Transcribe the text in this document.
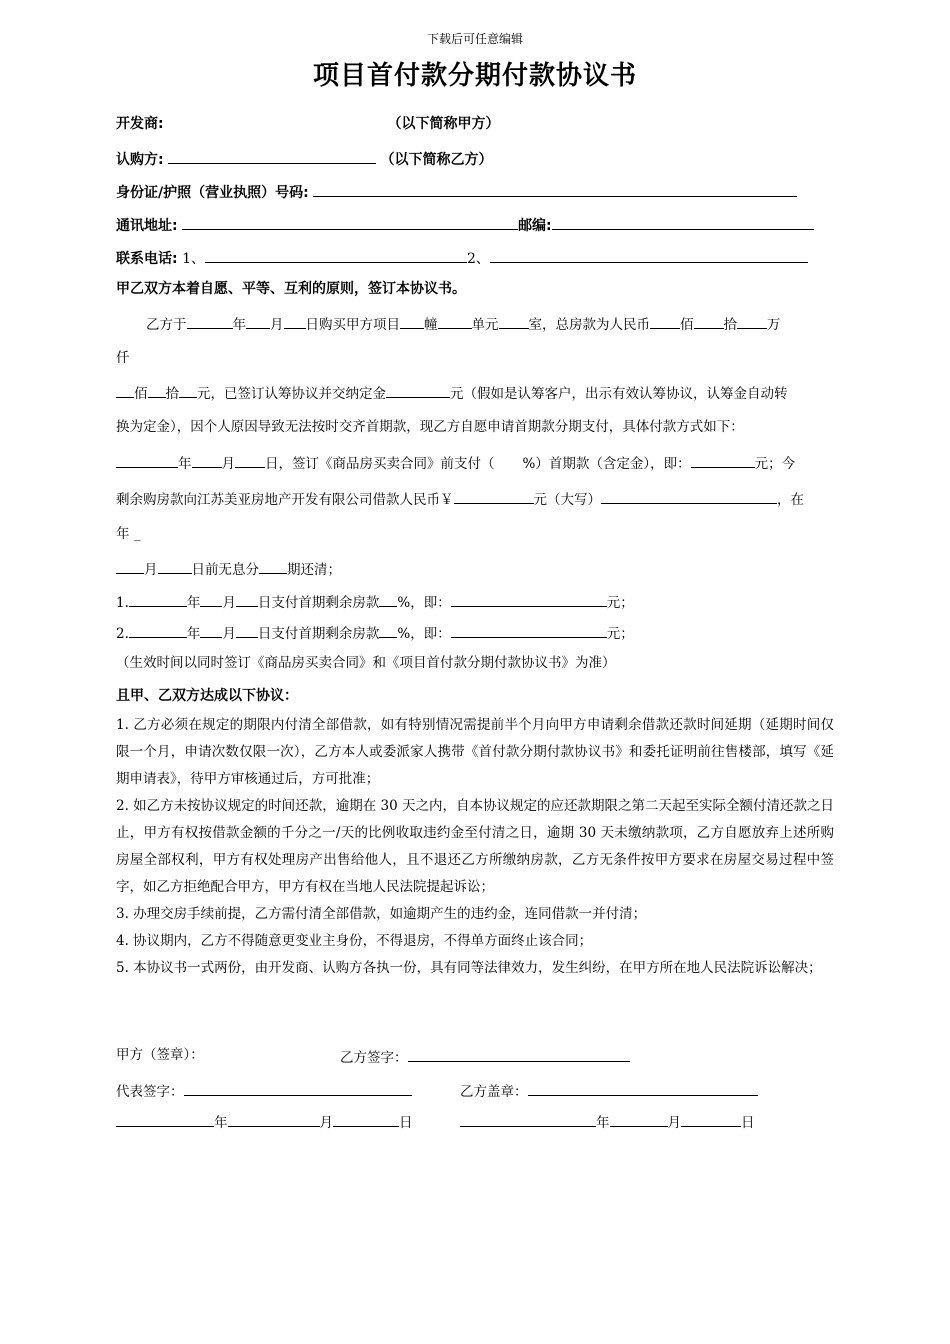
下载后可任意编辑
项目首付款分期付款协议书
开发商:	（以下简称甲方）
认购方:	（以下简称乙方）
身份证/护照（营业执照）号码:
通讯地址:	邮编:
联系电话: 1、	2、
甲乙双方本着自愿、平等、互利的原则，签订本协议书。
乙方于	年 月 日购买甲方项目 幢	单元 室，总房款为人民币 佰 拾 万
仟
佰 拾 元，已签订认筹协议并交纳定金	元（假如是认筹客户，出示有效认筹协议，认筹金自动转
换为定金），因个人原因导致无法按时交齐首期款，现乙方自愿申请首期款分期支付，具体付款方式如下：
年 月 日，签订《商品房买卖合同》前支付（ %）首期款（含定金），即：	元；今
剩余购房款向江苏美亚房地产开发有限公司借款人民币￥	元（大写）	，在
年 _
月	日前无息分 期还清；
1.	年 月 日支付首期剩余房款 %，即：	元；
2.	年 月 日支付首期剩余房款 %，即：	元；
（生效时间以同时签订《商品房买卖合同》和《项目首付款分期付款协议书》为准）
且甲、乙双方达成以下协议：
1. 乙方必须在规定的期限内付清全部借款，如有特别情况需提前半个月向甲方申请剩余借款还款时间延期（延期时间仅限一个月，申请次数仅限一次），乙方本人或委派家人携带《首付款分期付款协议书》和委托证明前往售楼部，填写《延期申请表》，待甲方审核通过后，方可批准；
2. 如乙方未按协议规定的时间还款，逾期在 30 天之内，自本协议规定的应还款期限之第二天起至实际全额付清还款之日止，甲方有权按借款金额的千分之一/天的比例收取违约金至付清之日，逾期 30 天未缴纳款项，乙方自愿放弃上述所购房屋全部权利，甲方有权处理房产出售给他人，且不退还乙方所缴纳房款，乙方无条件按甲方要求在房屋交易过程中签字，如乙方拒绝配合甲方，甲方有权在当地人民法院提起诉讼；
3. 办理交房手续前提，乙方需付清全部借款，如逾期产生的违约金，连同借款一并付清；
4. 协议期内，乙方不得随意更变业主身份，不得退房，不得单方面终止该合同；
5. 本协议书一式两份，由开发商、认购方各执一份，具有同等法律效力，发生纠纷，在甲方所在地人民法院诉讼解决；
甲方（签章）：	乙方签字：
代表签字：	乙方盖章：
年	月	日	年	月	日
